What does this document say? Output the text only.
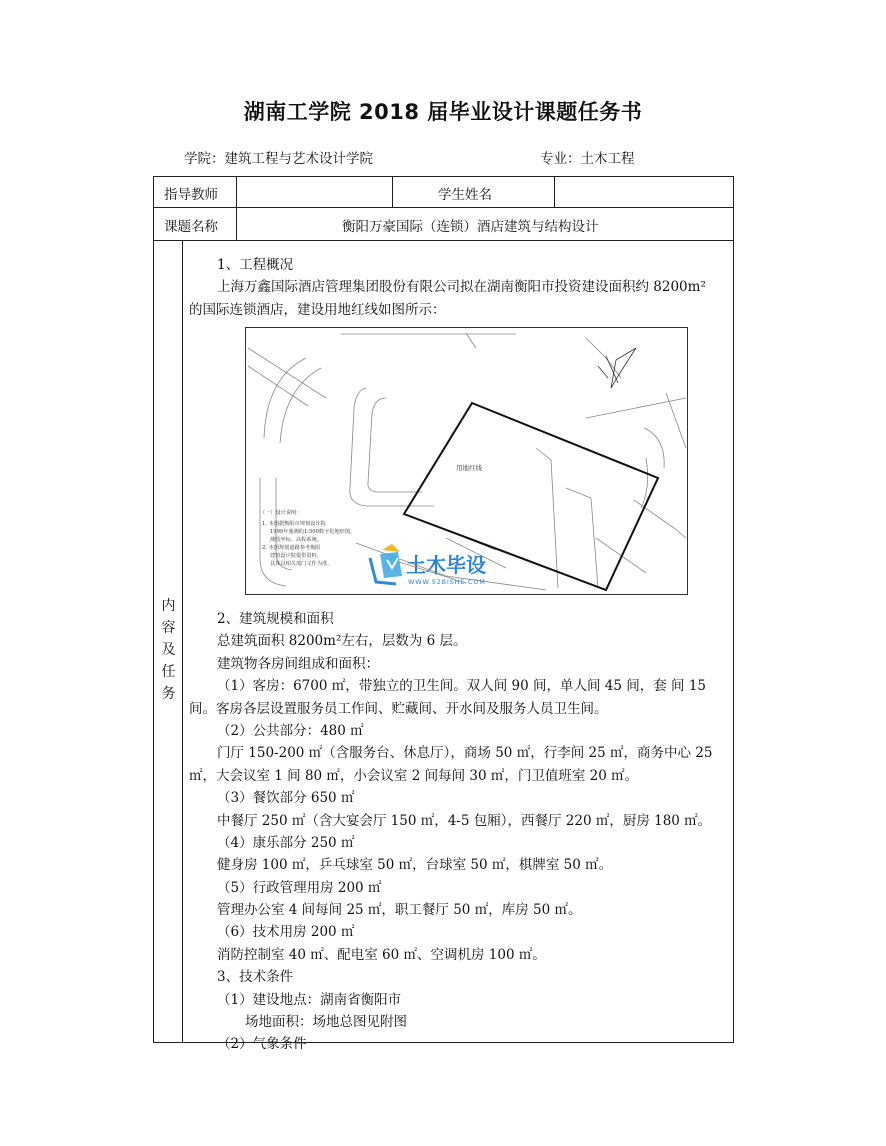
湖南工学院 2018 届毕业设计课题任务书
学院：建筑工程与艺术设计学院	专业：土木工程
指导教师	学生姓名
课题名称	衡阳万豪国际（连锁）酒店建筑与结构设计
内
容
及
任
务
1、工程概况
上海万鑫国际酒店管理集团股份有限公司拟在湖南衡阳市投资建设面积约 8200m²
的国际连锁酒店，建设用地红线如图所示：
用地红线
（一）设计说明：
1. 本图据衡阳市规划设计院
1999年施测的1:500数字化地形图，
测绘坐标、高程系统。
2. 本图规划道路参考衡阳
建筑设计院提供资料，
具体以相关部门文件为准。	土木毕设
WWW.52BISHE.COM
2、建筑规模和面积
总建筑面积 8200m²左右，层数为 6 层。
建筑物各房间组成和面积：
（1）客房：6700 ㎡，带独立的卫生间。双人间 90 间，单人间 45 间，套 间 15
间。客房各层设置服务员工作间、贮藏间、开水间及服务人员卫生间。
（2）公共部分：480 ㎡
门厅 150-200 ㎡（含服务台、休息厅），商场 50 ㎡，行李间 25 ㎡，商务中心 25
㎡，大会议室 1 间 80 ㎡，小会议室 2 间每间 30 ㎡，门卫值班室 20 ㎡。
（3）餐饮部分 650 ㎡
中餐厅 250 ㎡（含大宴会厅 150 ㎡，4-5 包厢），西餐厅 220 ㎡，厨房 180 ㎡。
（4）康乐部分 250 ㎡
健身房 100 ㎡，乒乓球室 50 ㎡，台球室 50 ㎡，棋牌室 50 ㎡。
（5）行政管理用房 200 ㎡
管理办公室 4 间每间 25 ㎡，职工餐厅 50 ㎡，库房 50 ㎡。
（6）技术用房 200 ㎡
消防控制室 40 ㎡、配电室 60 ㎡、空调机房 100 ㎡。
3、技术条件
（1）建设地点：湖南省衡阳市
场地面积：场地总图见附图
（2）气象条件
